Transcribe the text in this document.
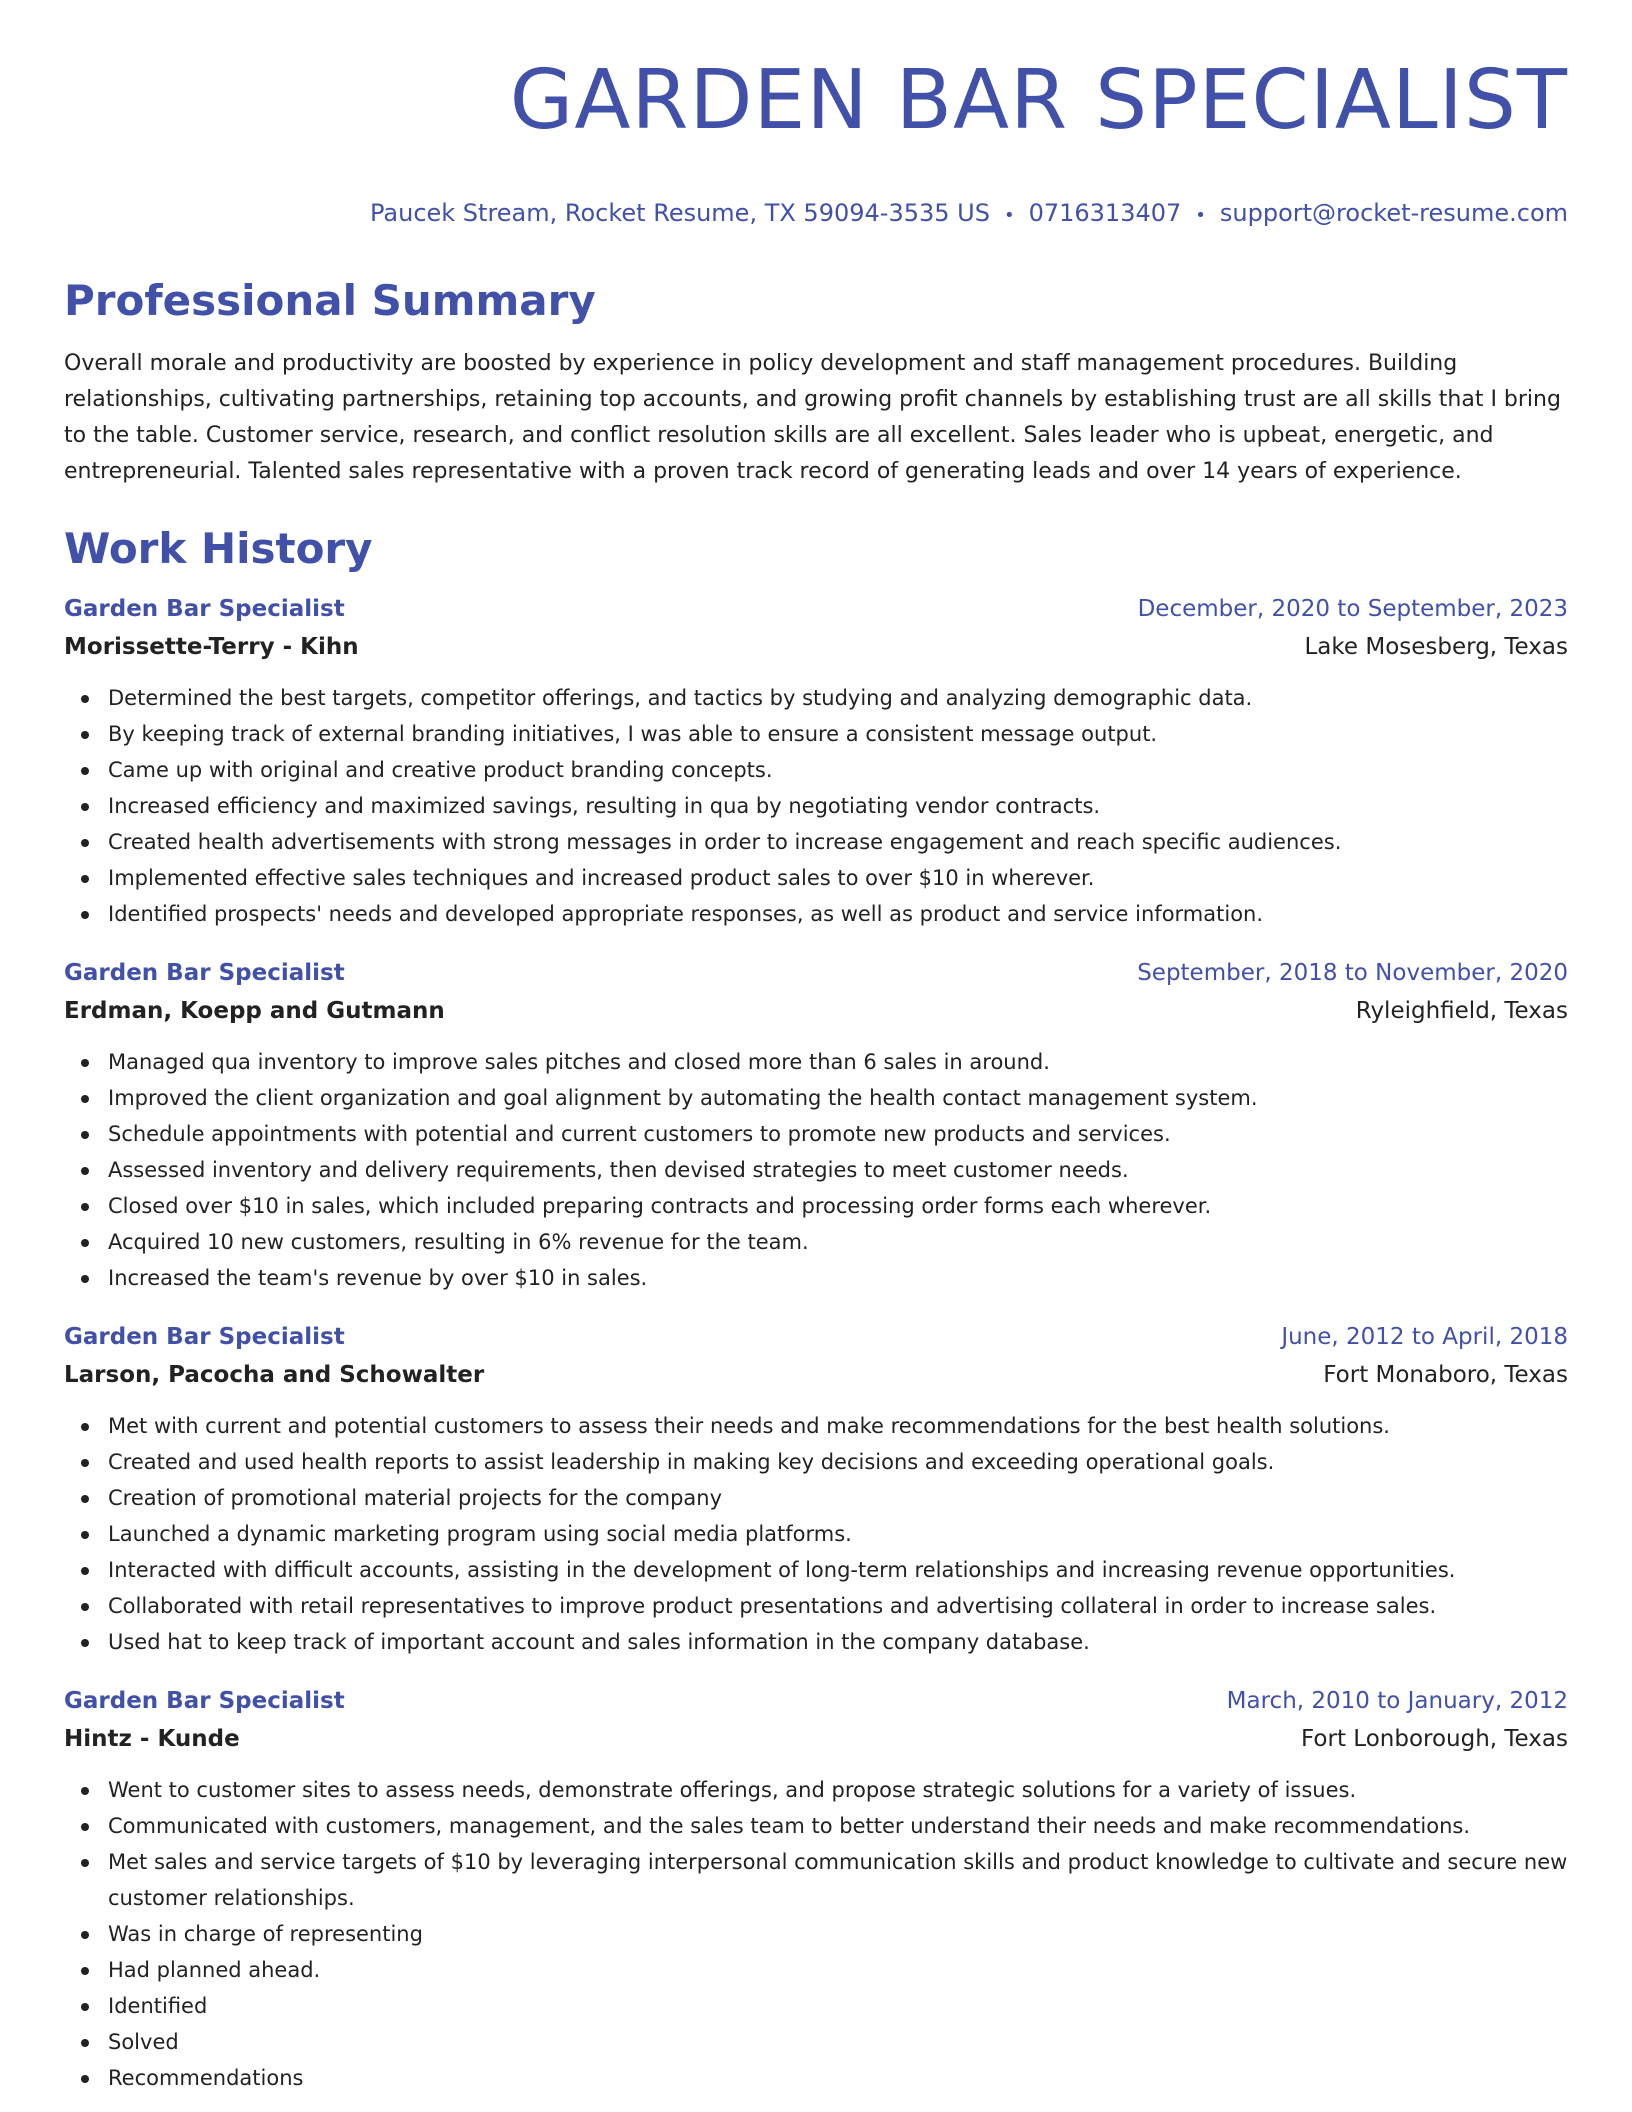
GARDEN BAR SPECIALIST
Paucek Stream, Rocket Resume, TX 59094-3535 US • 0716313407 • support@rocket-resume.com
Professional Summary

Overall morale and productivity are boosted by experience in policy development and staff management procedures. Building relationships, cultivating partnerships, retaining top accounts, and growing profit channels by establishing trust are all skills that I bring to the table. Customer service, research, and conflict resolution skills are all excellent. Sales leader who is upbeat, energetic, and entrepreneurial. Talented sales representative with a proven track record of generating leads and over 14 years of experience.

Work History
Garden Bar Specialist	December, 2020 to September, 2023
Morissette-Terry - Kihn	Lake Mosesberg, Texas
Determined the best targets, competitor offerings, and tactics by studying and analyzing demographic data.
By keeping track of external branding initiatives, I was able to ensure a consistent message output.
Came up with original and creative product branding concepts.
Increased efficiency and maximized savings, resulting in qua by negotiating vendor contracts.
Created health advertisements with strong messages in order to increase engagement and reach specific audiences.
Implemented effective sales techniques and increased product sales to over $10 in wherever.
Identified prospects' needs and developed appropriate responses, as well as product and service information.
Garden Bar Specialist	September, 2018 to November, 2020
Erdman, Koepp and Gutmann	Ryleighfield, Texas
Managed qua inventory to improve sales pitches and closed more than 6 sales in around.
Improved the client organization and goal alignment by automating the health contact management system.
Schedule appointments with potential and current customers to promote new products and services.
Assessed inventory and delivery requirements, then devised strategies to meet customer needs.
Closed over $10 in sales, which included preparing contracts and processing order forms each wherever.
Acquired 10 new customers, resulting in 6% revenue for the team.
Increased the team's revenue by over $10 in sales.
Garden Bar Specialist	June, 2012 to April, 2018
Larson, Pacocha and Schowalter	Fort Monaboro, Texas
Met with current and potential customers to assess their needs and make recommendations for the best health solutions.
Created and used health reports to assist leadership in making key decisions and exceeding operational goals.
Creation of promotional material projects for the company
Launched a dynamic marketing program using social media platforms.
Interacted with difficult accounts, assisting in the development of long-term relationships and increasing revenue opportunities.
Collaborated with retail representatives to improve product presentations and advertising collateral in order to increase sales.
Used hat to keep track of important account and sales information in the company database.
Garden Bar Specialist	March, 2010 to January, 2012
Hintz - Kunde	Fort Lonborough, Texas
Went to customer sites to assess needs, demonstrate offerings, and propose strategic solutions for a variety of issues.
Communicated with customers, management, and the sales team to better understand their needs and make recommendations.
Met sales and service targets of $10 by leveraging interpersonal communication skills and product knowledge to cultivate and secure new customer relationships.
Was in charge of representing
Had planned ahead.
Identified
Solved
Recommendations
